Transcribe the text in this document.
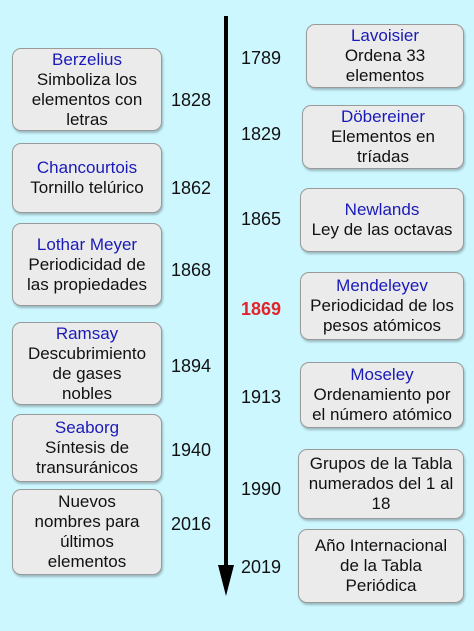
Berzelius
Simboliza los
elementos con
letras
1828
Chancourtois
Tornillo telúrico	1862
Lothar Meyer
Periodicidad de
las propiedades
1868
Ramsay
Descubrimiento
de gases
nobles
1894
Seaborg
Síntesis de
transuránicos
1940
Nuevos
nombres para
últimos
elementos
2016
Lavoisier
Ordena 33
elementos
1789
Döbereiner
Elementos en
tríadas
1829
Newlands
Ley de las octavas
1865
Mendeleyev
Periodicidad de los
pesos atómicos
1869
Moseley
Ordenamiento por
el número atómico
1913
Grupos de la Tabla
numerados del 1 al
18
1990
Año Internacional
de la Tabla
Periódica
2019
